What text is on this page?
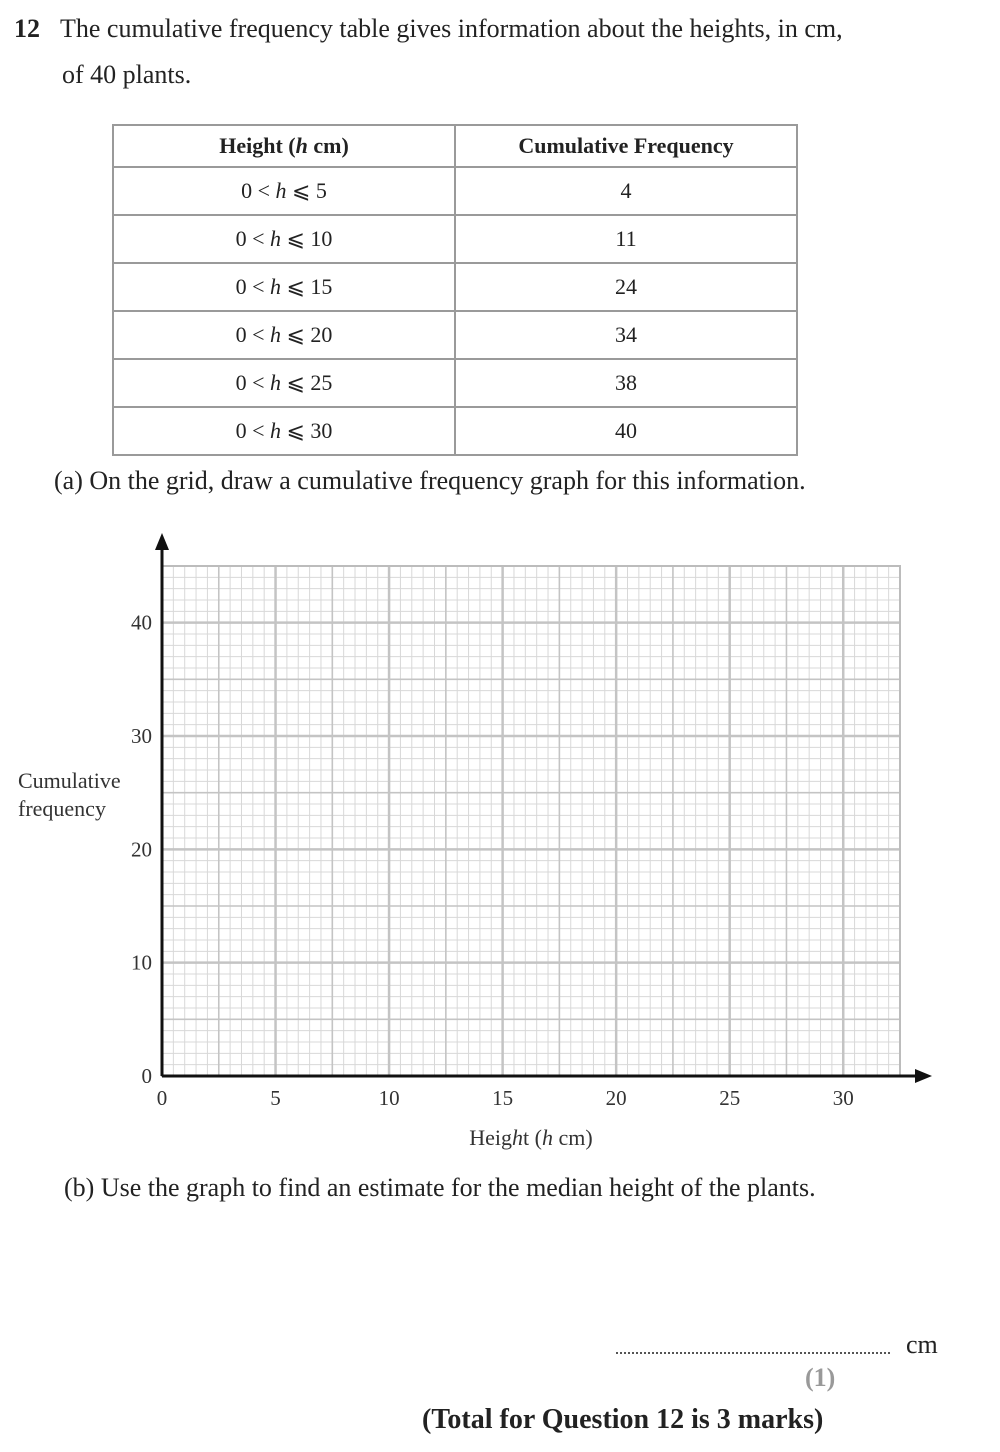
12 The cumulative frequency table gives information about the heights, in cm,
of 40 plants.
Height (h cm)	Cumulative Frequency
0 < h ⩽ 5	4
0 < h ⩽ 10	11
0 < h ⩽ 15	24
0 < h ⩽ 20	34
0 < h ⩽ 25	38
0 < h ⩽ 30	40
(a) On the grid, draw a cumulative frequency graph for this information.
0	5	10	15	20	25	30
0
10
20
30
40
Height (h cm)
Cumulative frequency
(b) Use the graph to find an estimate for the median height of the plants.
cm
(1)
(Total for Question 12 is 3 marks)
